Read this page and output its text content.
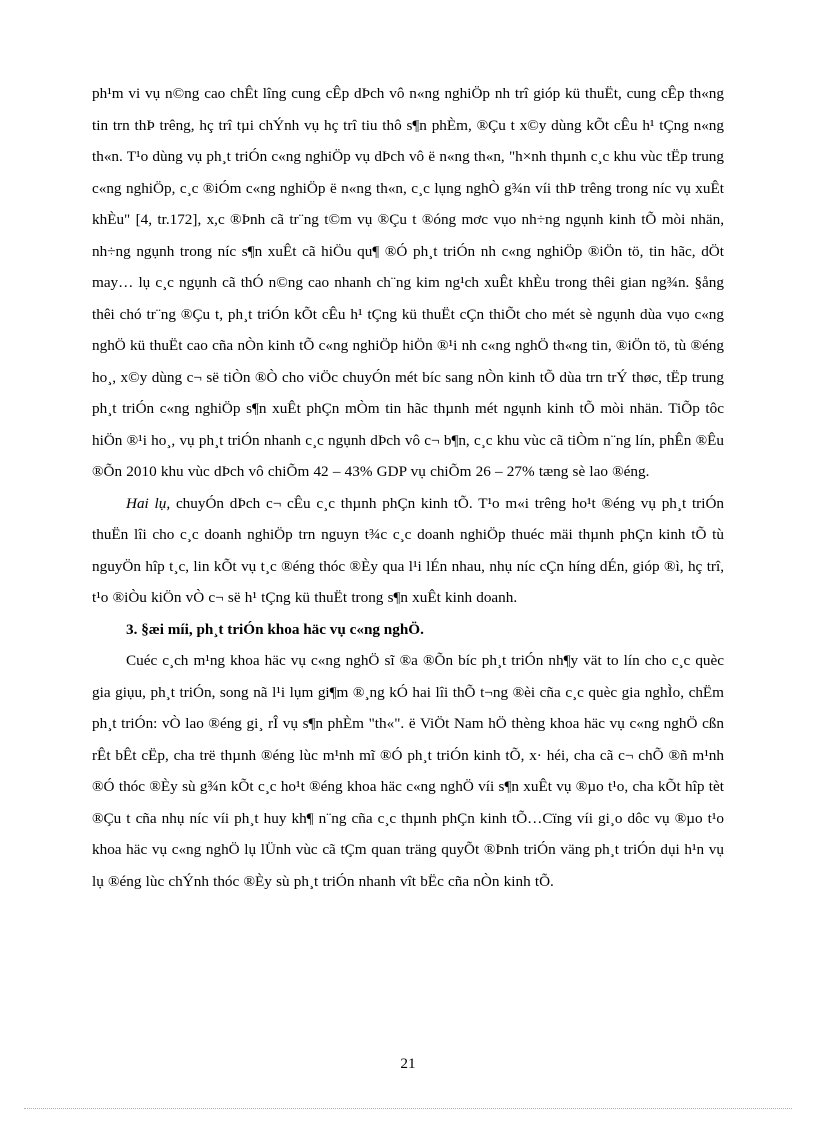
ph¹m vi vụ n©ng cao chÊt lîng cung cÊp dÞch vô n«ng nghiÖp nh trî gióp kü thuËt, cung cÊp th«ng tin trn thÞ trêng, hç trî tµi chÝnh vụ hç trî tiu thô s¶n phÈm, ®Çu t x©y dùng kÕt cÊu h¹ tÇng n«ng th«n. T¹o dùng vụ ph¸t triÓn c«ng nghiÖp vụ dÞch vô ë n«ng th«n, "h×nh thµnh c¸c khu vùc tËp trung c«ng nghiÖp, c¸c ®iÓm c«ng nghiÖp ë n«ng th«n, c¸c lụng nghÒ g¾n víi thÞ trêng trong níc vụ xuÊt khÈu" [4, tr.172], x,c ®Þnh cã tr¨ng t©m vụ ®Çu t ®óng mơc vụo nh÷ng ngụnh kinh tÕ mòi nhän, nh÷ng ngụnh trong níc s¶n xuÊt cã hiÖu qu¶ ®Ó ph¸t triÓn nh c«ng nghiÖp ®iÖn tö, tin hãc, dÖt may… lụ c¸c ngụnh cã thÓ n©ng cao nhanh ch¨ng kim ng¹ch xuÊt khÈu trong thêi gian ng¾n. §ång thêi chó tr¨ng ®Çu t, ph¸t triÓn kÕt cÊu h¹ tÇng kü thuËt cÇn thiÕt cho mét sè ngụnh dùa vụo c«ng nghÖ kü thuËt cao cña nÒn kinh tÕ c«ng nghiÖp hiÖn ®¹i nh c«ng nghÖ th«ng tin, ®iÖn tö, tù ®éng ho¸, x©y dùng c¬ së tiÒn ®Ò cho viÖc chuyÓn mét bíc sang nÒn kinh tÕ dùa trn trÝ thøc, tËp trung ph¸t triÓn c«ng nghiÖp s¶n xuÊt phÇn mÒm tin hãc thµnh mét ngụnh kinh tÕ mòi nhän. TiÕp tôc hiÖn ®¹i ho¸, vụ ph¸t triÓn nhanh c¸c ngụnh dÞch vô c¬ b¶n, c¸c khu vùc cã tiÒm n¨ng lín, phÊn ®Êu ®Õn 2010 khu vùc dÞch vô chiÕm 42 – 43% GDP vụ chiÕm 26 – 27% tæng sè lao ®éng.

Hai lụ, chuyÓn dÞch c¬ cÊu c¸c thµnh phÇn kinh tÕ. T¹o m«i trêng ho¹t ®éng vụ ph¸t triÓn thuËn lîi cho c¸c doanh nghiÖp trn nguyn t¾c c¸c doanh nghiÖp thuéc mäi thµnh phÇn kinh tÕ tù nguyÖn hîp t¸c, lin kÕt vụ t¸c ®éng thóc ®Èy qua l¹i lÉn nhau, nhụ níc cÇn híng dÉn, gióp ®ì, hç trî, t¹o ®iÒu kiÖn vÒ c¬ së h¹ tÇng kü thuËt trong s¶n xuÊt kinh doanh.

3. §æi míi, ph¸t triÓn khoa häc vụ c«ng nghÖ.

Cuéc c¸ch m¹ng khoa häc vụ c«ng nghÖ sĩ ®a ®Õn bíc ph¸t triÓn nh¶y vät to lín cho c¸c quèc gia giụu, ph¸t triÓn, song nã l¹i lụm gi¶m ®¸ng kÓ hai lîi thÕ t¬ng ®èi cña c¸c quèc gia nghÌo, chËm ph¸t triÓn: vÒ lao ®éng gi¸ rÎ vụ s¶n phÈm "th«". ë ViÖt Nam hÖ thèng khoa häc vụ c«ng nghÖ cßn rÊt bÊt cËp, cha trë thµnh ®éng lùc m¹nh mĩ ®Ó ph¸t triÓn kinh tÕ, x· héi, cha cã c¬ chÕ ®ñ m¹nh ®Ó thóc ®Èy sù g¾n kÕt c¸c ho¹t ®éng khoa häc c«ng nghÖ víi s¶n xuÊt vụ ®µo t¹o, cha kÕt hîp tèt ®Çu t cña nhụ níc víi ph¸t huy kh¶ n¨ng cña c¸c thµnh phÇn kinh tÕ…Cïng víi gi¸o dôc vụ ®µo t¹o khoa häc vụ c«ng nghÖ lụ lÜnh vùc cã tÇm quan träng quyÕt ®Þnh triÓn väng ph¸t triÓn dụi h¹n vụ lụ ®éng lùc chÝnh thóc ®Èy sù ph¸t triÓn nhanh vît bËc cña nÒn kinh tÕ.

21
